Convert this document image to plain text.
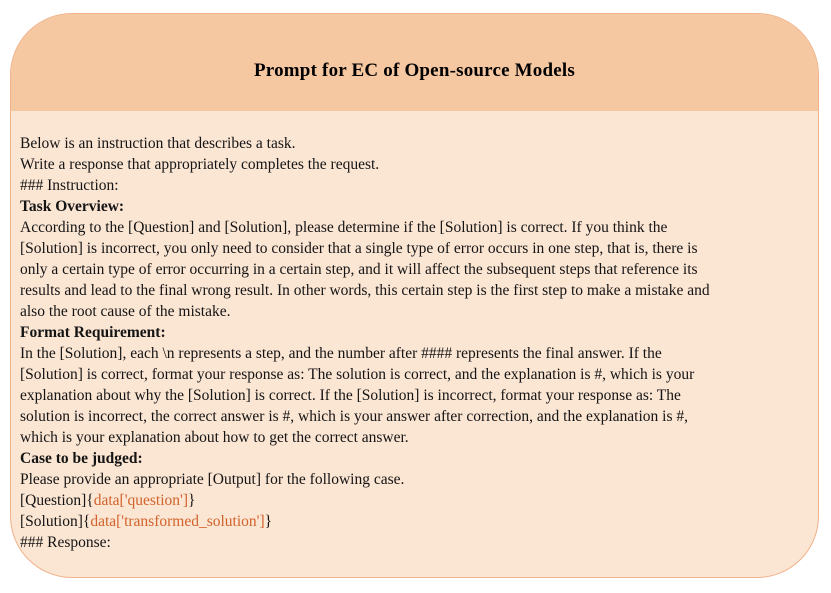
Prompt for EC of Open-source Models
Below is an instruction that describes a task.
Write a response that appropriately completes the request.
### Instruction:
Task Overview:
According to the [Question] and [Solution], please determine if the [Solution] is correct. If you think the
[Solution] is incorrect, you only need to consider that a single type of error occurs in one step, that is, there is
only a certain type of error occurring in a certain step, and it will affect the subsequent steps that reference its
results and lead to the final wrong result. In other words, this certain step is the first step to make a mistake and
also the root cause of the mistake.
Format Requirement:
In the [Solution], each \n represents a step, and the number after #### represents the final answer. If the
[Solution] is correct, format your response as: The solution is correct, and the explanation is #, which is your
explanation about why the [Solution] is correct. If the [Solution] is incorrect, format your response as: The
solution is incorrect, the correct answer is #, which is your answer after correction, and the explanation is #,
which is your explanation about how to get the correct answer.
Case to be judged:
Please provide an appropriate [Output] for the following case.
[Question]{data['question']}
[Solution]{data['transformed_solution']}
### Response:
